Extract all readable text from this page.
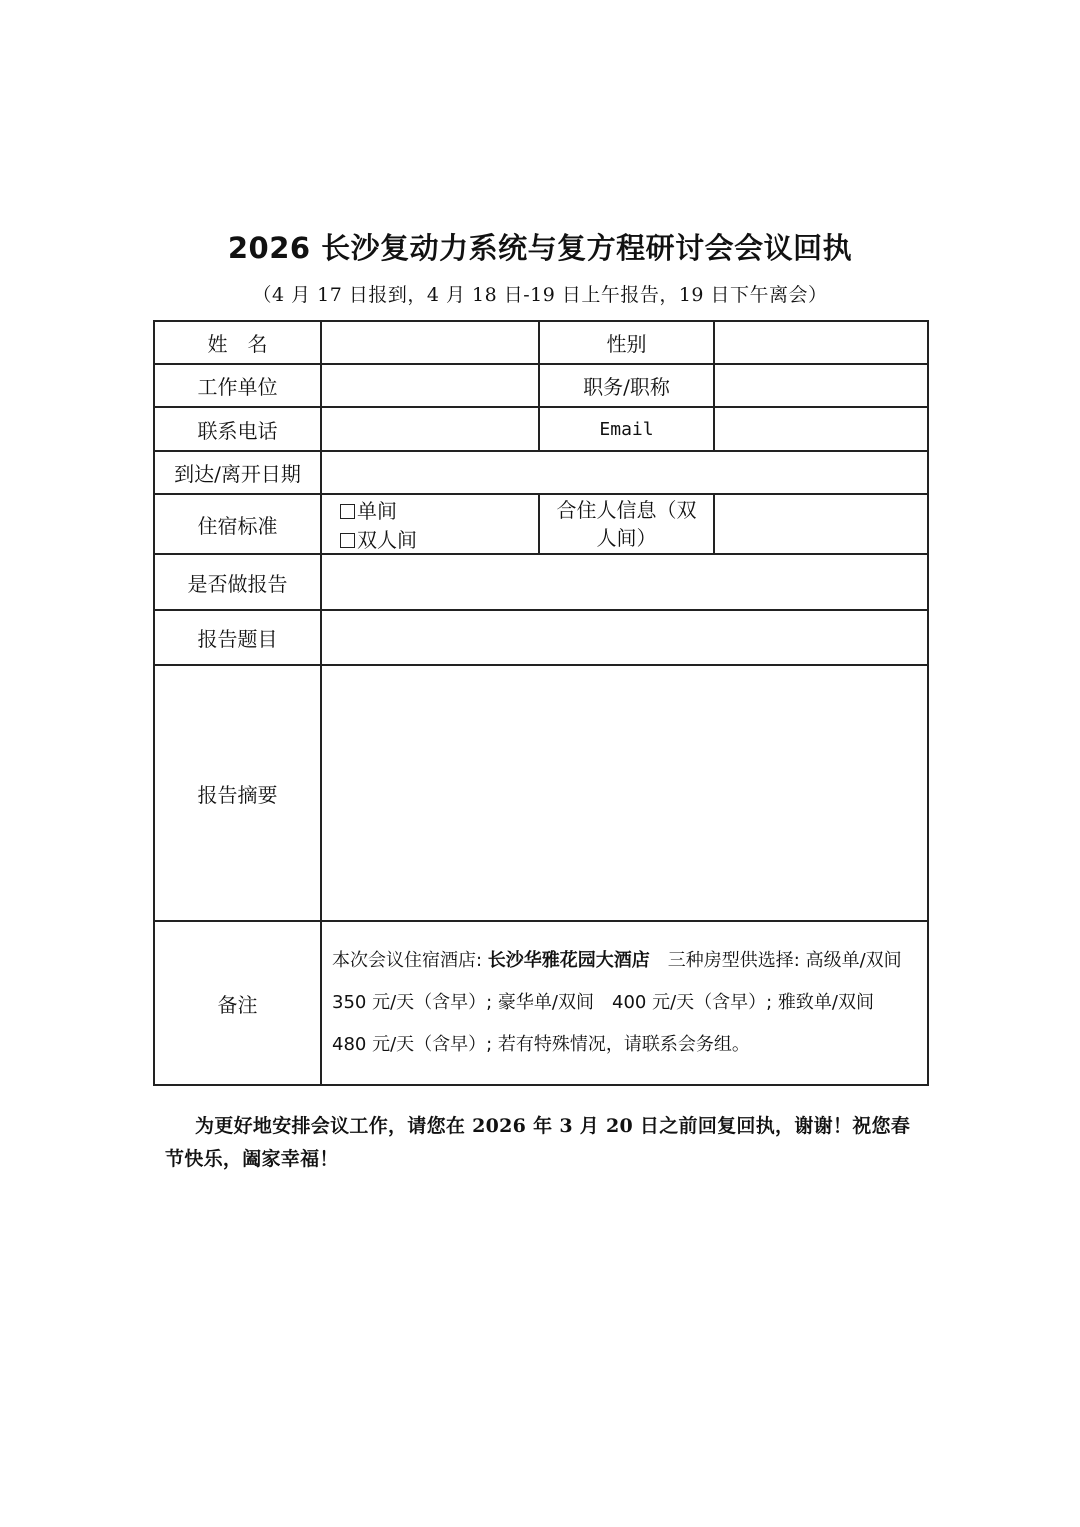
2026 长沙复动力系统与复方程研讨会会议回执
（4 月 17 日报到，4 月 18 日-19 日上午报告，19 日下午离会）
姓　名		性别	
工作单位		职务/职称	
联系电话		Email	
到达/离开日期			
住宿标准	单间双人间	合住人信息（双人间）	
是否做报告			
报告题目			
报告摘要			
备注	本次会议住宿酒店: 长沙华雅花园大酒店　三种房型供选择: 高级单/双间　350 元/天（含早）; 豪华单/双间　400 元/天（含早）; 雅致单/双间　480 元/天（含早）; 若有特殊情况，请联系会务组。		
为更好地安排会议工作，请您在 2026 年 3 月 20 日之前回复回执，谢谢！祝您春节快乐，阖家幸福！
